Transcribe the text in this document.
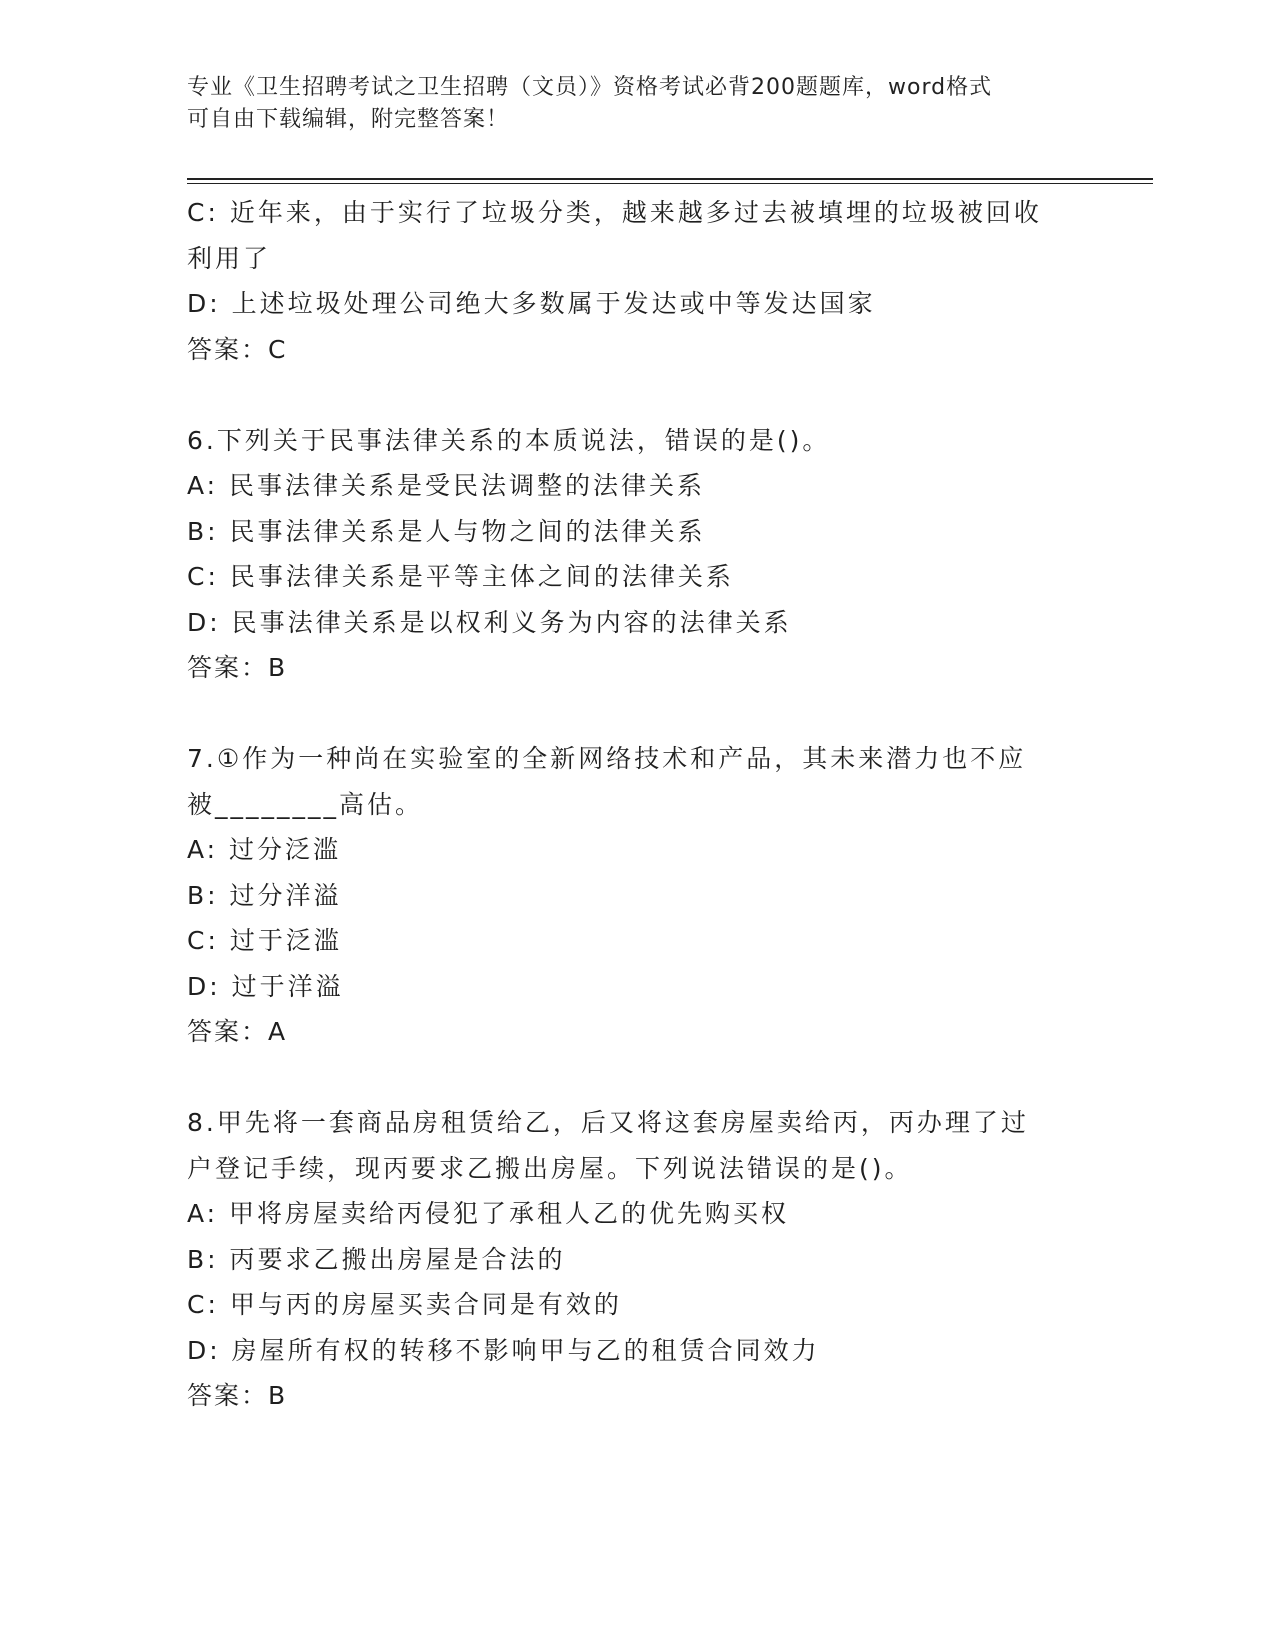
专业《卫生招聘考试之卫生招聘（文员）》资格考试必背200题题库，word格式
可自由下载编辑，附完整答案！
C: 近年来，由于实行了垃圾分类，越来越多过去被填埋的垃圾被回收
利用了
D: 上述垃圾处理公司绝大多数属于发达或中等发达国家
答案：C
6.下列关于民事法律关系的本质说法，错误的是()。
A: 民事法律关系是受民法调整的法律关系
B: 民事法律关系是人与物之间的法律关系
C: 民事法律关系是平等主体之间的法律关系
D: 民事法律关系是以权利义务为内容的法律关系
答案：B
7.①作为一种尚在实验室的全新网络技术和产品，其未来潜力也不应
被________高估。
A: 过分泛滥
B: 过分洋溢
C: 过于泛滥
D: 过于洋溢
答案：A
8.甲先将一套商品房租赁给乙，后又将这套房屋卖给丙，丙办理了过
户登记手续，现丙要求乙搬出房屋。下列说法错误的是()。
A: 甲将房屋卖给丙侵犯了承租人乙的优先购买权
B: 丙要求乙搬出房屋是合法的
C: 甲与丙的房屋买卖合同是有效的
D: 房屋所有权的转移不影响甲与乙的租赁合同效力
答案：B
